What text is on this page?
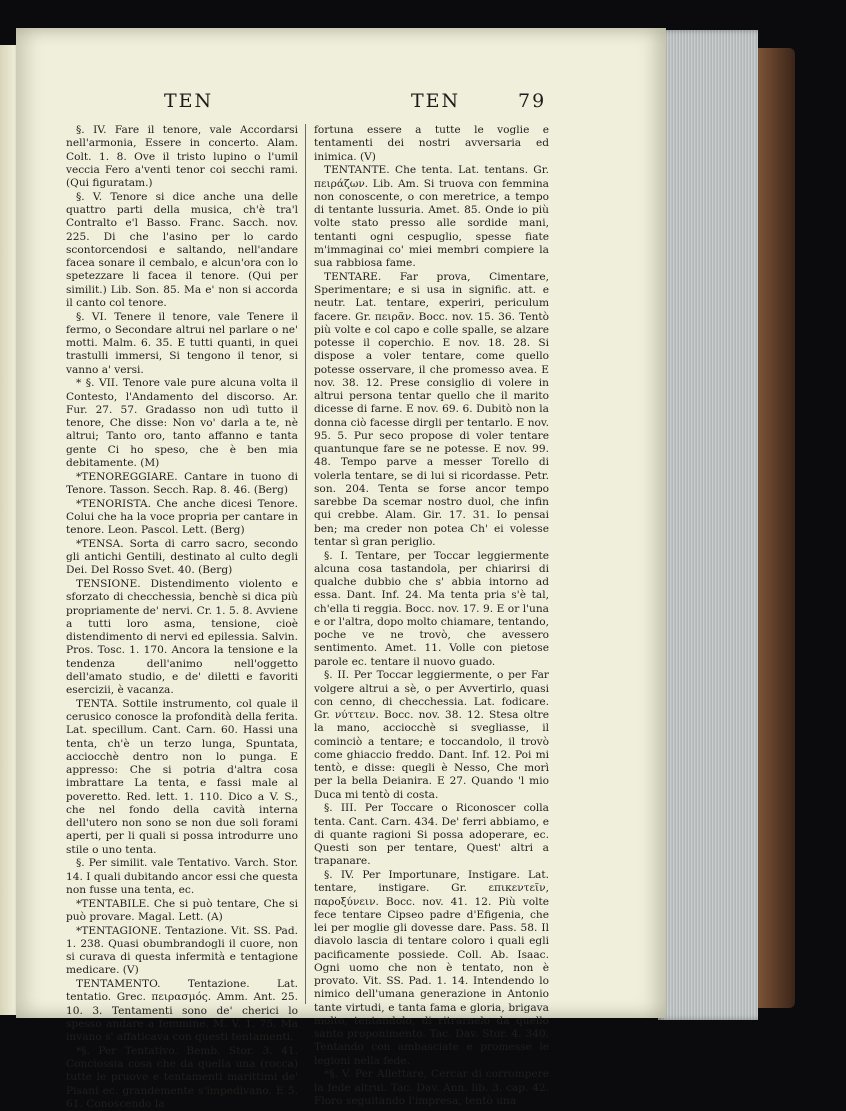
TEN	TEN	79

§. IV. Fare il tenore, vale Accordarsi nell'armonia, Essere in concerto. Alam. Colt. 1. 8. Ove il tristo lupino o l'umil veccia Fero a'venti tenor coi secchi rami. (Qui figuratam.)

§. V. Tenore si dice anche una delle quattro parti della musica, ch'è tra'l Contralto e'l Basso. Franc. Sacch. nov. 225. Di che l'asino per lo cardo scontorcendosi e saltando, nell'andare facea sonare il cembalo, e alcun'ora con lo spetezzare li facea il tenore. (Qui per similit.) Lib. Son. 85. Ma e' non si accorda il canto col tenore.

§. VI. Tenere il tenore, vale Tenere il fermo, o Secondare altrui nel parlare o ne' motti. Malm. 6. 35. E tutti quanti, in quei trastulli immersi, Si tengono il tenor, si vanno a' versi.

* §. VII. Tenore vale pure alcuna volta il Contesto, l'Andamento del discorso. Ar. Fur. 27. 57. Gradasso non udì tutto il tenore, Che disse: Non vo' darla a te, nè altrui; Tanto oro, tanto affanno e tanta gente Ci ho speso, che è ben mia debitamente. (M)

*TENOREGGIARE. Cantare in tuono di Tenore. Tasson. Secch. Rap. 8. 46. (Berg)

*TENORISTA. Che anche dicesi Tenore. Colui che ha la voce propria per cantare in tenore. Leon. Pascol. Lett. (Berg)

*TENSA. Sorta di carro sacro, secondo gli antichi Gentili, destinato al culto degli Dei. Del Rosso Svet. 40. (Berg)

TENSIONE. Distendimento violento e sforzato di checchessia, benchè si dica più propriamente de' nervi. Cr. 1. 5. 8. Avviene a tutti loro asma, tensione, cioè distendimento di nervi ed epilessia. Salvin. Pros. Tosc. 1. 170. Ancora la tensione e la tendenza dell'animo nell'oggetto dell'amato studio, e de' diletti e favoriti esercizii, è vacanza.

TENTA. Sottile instrumento, col quale il cerusico conosce la profondità della ferita. Lat. specillum. Cant. Carn. 60. Hassi una tenta, ch'è un terzo lunga, Spuntata, acciocchè dentro non lo punga. E appresso: Che si potria d'altra cosa imbrattare La tenta, e fassi male al poveretto. Red. lett. 1. 110. Dico a V. S., che nel fondo della cavità interna dell'utero non sono se non due soli forami aperti, per li quali si possa introdurre uno stile o uno tenta.

§. Per similit. vale Tentativo. Varch. Stor. 14. I quali dubitando ancor essi che questa non fusse una tenta, ec.

*TENTABILE. Che si può tentare, Che si può provare. Magal. Lett. (A)

*TENTAGIONE. Tentazione. Vit. SS. Pad. 1. 238. Quasi obumbrandogli il cuore, non si curava di questa infermità e tentagione medicare. (V)

TENTAMENTO. Tentazione. Lat. tentatio. Grec. πειρασμός. Amm. Ant. 25. 10. 3. Tentamenti sono de' cherici lo spesso andare a femmine. M. V. 1. 75. Ma invano s' affaticava con questi tentamenti.

*§. Per Tentativo. Bemb. Stor. 3. 41. Conciossia cosa che da quella una (rocca) tutte le pruove e tentamenti marittimi de' Pisani ec. grandemente s'impedivano. E 5. 61. Conoscendo la

fortuna essere a tutte le voglie e tentamenti dei nostri avversaria ed inimica. (V)

TENTANTE. Che tenta. Lat. tentans. Gr. πειράζων. Lib. Am. Si truova con femmina non conoscente, o con meretrice, a tempo di tentante lussuria. Amet. 85. Onde io più volte stato presso alle sordide mani, tentanti ogni cespuglio, spesse fiate m'immaginai co' miei membri compiere la sua rabbiosa fame.

TENTARE. Far prova, Cimentare, Sperimentare; e si usa in signific. att. e neutr. Lat. tentare, experiri, periculum facere. Gr. πειρᾶν. Bocc. nov. 15. 36. Tentò più volte e col capo e colle spalle, se alzare potesse il coperchio. E nov. 18. 28. Si dispose a voler tentare, come quello potesse osservare, il che promesso avea. E nov. 38. 12. Prese consiglio di volere in altrui persona tentar quello che il marito dicesse di farne. E nov. 69. 6. Dubitò non la donna ciò facesse dirgli per tentarlo. E nov. 95. 5. Pur seco propose di voler tentare quantunque fare se ne potesse. E nov. 99. 48. Tempo parve a messer Torello di volerla tentare, se di lui si ricordasse. Petr. son. 204. Tenta se forse ancor tempo sarebbe Da scemar nostro duol, che infin qui crebbe. Alam. Gir. 17. 31. Io pensai ben; ma creder non potea Ch' ei volesse tentar sì gran periglio.

§. I. Tentare, per Toccar leggiermente alcuna cosa tastandola, per chiarirsi di qualche dubbio che s' abbia intorno ad essa. Dant. Inf. 24. Ma tenta pria s'è tal, ch'ella ti reggia. Bocc. nov. 17. 9. E or l'una e or l'altra, dopo molto chiamare, tentando, poche ve ne trovò, che avessero sentimento. Amet. 11. Volle con pietose parole ec. tentare il nuovo guado.

§. II. Per Toccar leggiermente, o per Far volgere altrui a sè, o per Avvertirlo, quasi con cenno, di checchessia. Lat. fodicare. Gr. νύττειν. Bocc. nov. 38. 12. Stesa oltre la mano, acciocchè si svegliasse, il cominciò a tentare; e toccandolo, il trovò come ghiaccio freddo. Dant. Inf. 12. Poi mi tentò, e disse: quegli è Nesso, Che morì per la bella Deianira. E 27. Quando 'l mio Duca mi tentò di costa.

§. III. Per Toccare o Riconoscer colla tenta. Cant. Carn. 434. De' ferri abbiamo, e di quante ragioni Si possa adoperare, ec. Questi son per tentare, Quest' altri a trapanare.

§. IV. Per Importunare, Instigare. Lat. tentare, instigare. Gr. επικεντεῖν, παροξύνειν. Bocc. nov. 41. 12. Più volte fece tentare Cipseo padre d'Efigenia, che lei per moglie gli dovesse dare. Pass. 58. Il diavolo lascia di tentare coloro i quali egli pacificamente possiede. Coll. Ab. Isaac. Ogni uomo che non è tentato, non è provato. Vit. SS. Pad. 1. 14. Intendendo lo nimico dell'umana generazione in Antonio tante virtudi, e tanta fama e gloria, brigava molto, tentandolo, di ritrarnelo da quello santo proponimento. Tac. Dav. Stor. 4. 340. Tentando con ambasciate e promesse le legioni nella fede.

*§. V. Per Allettare, Cercar di corrompere la fede altrui. Tac. Dav. Ann. lib. 3. cap. 42. Floro seguitando l'impresa, tentò una
